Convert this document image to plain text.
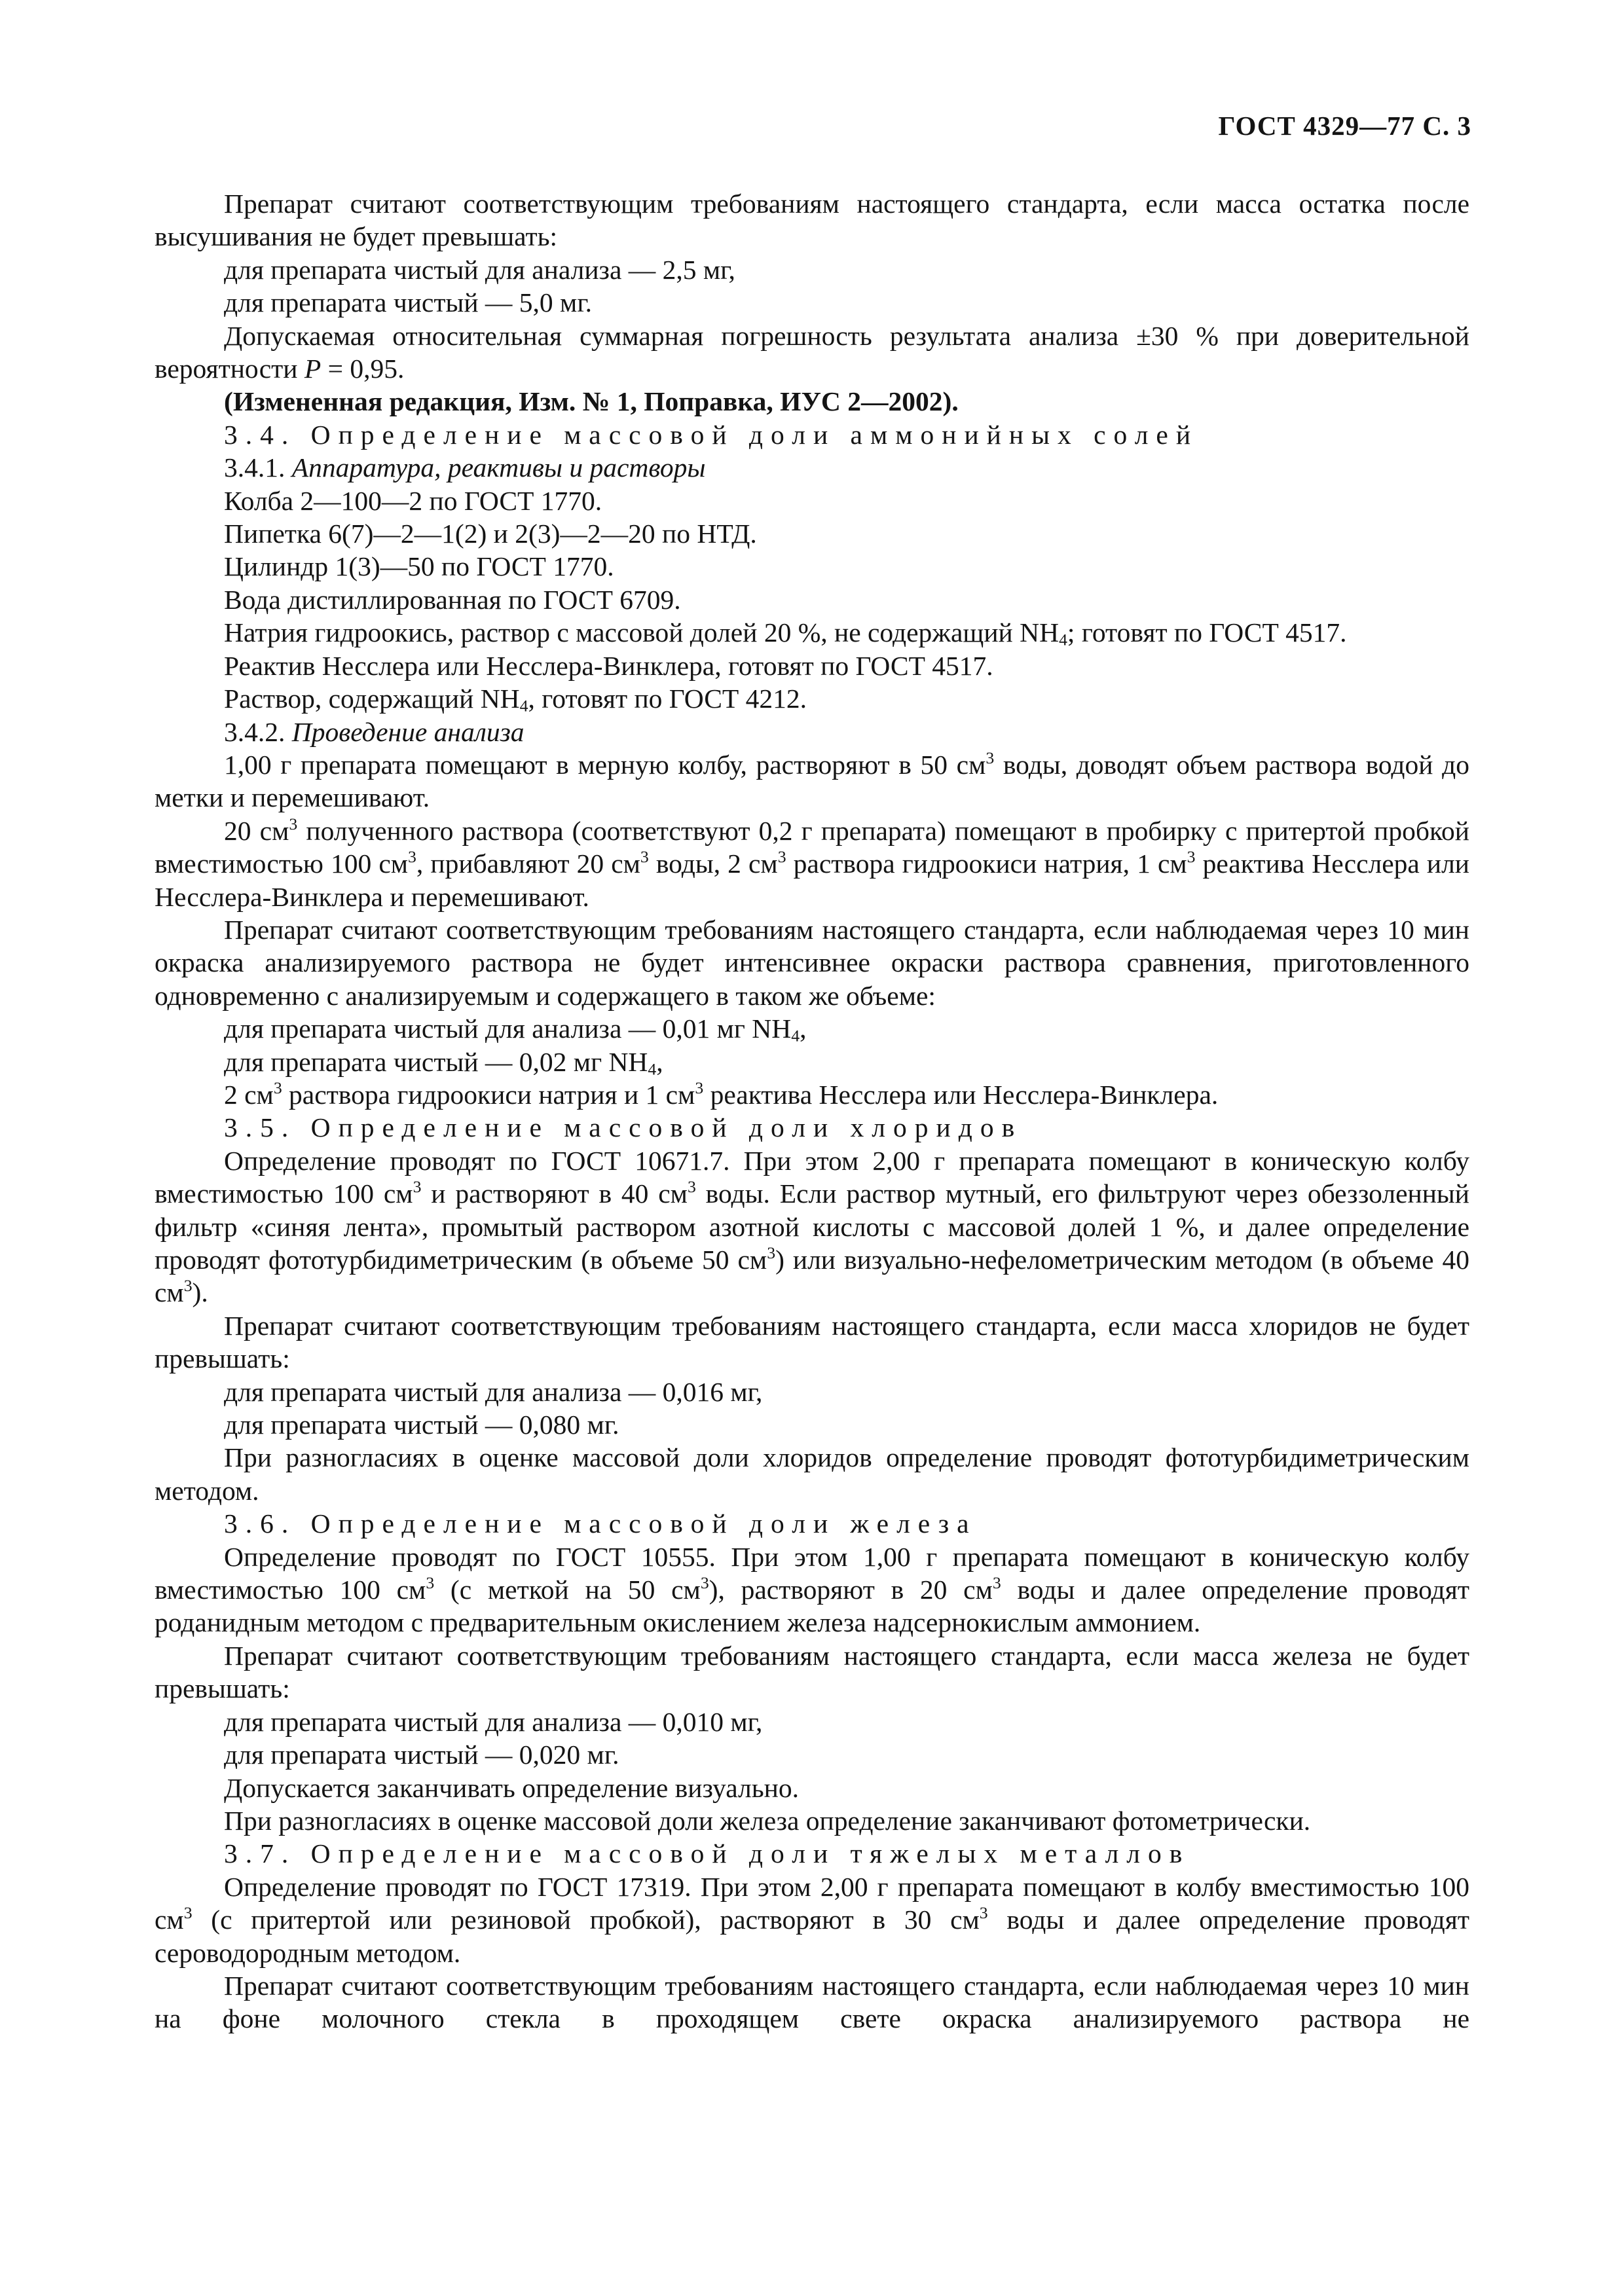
ГОСТ 4329—77 С. 3
Препарат считают соответствующим требованиям настоящего стандарта, если масса остатка после высушивания не будет превышать:
для препарата чистый для анализа — 2,5 мг,
для препарата чистый — 5,0 мг.
Допускаемая относительная суммарная погрешность результата анализа ±30 % при доверительной вероятности P = 0,95.
(Измененная редакция, Изм. № 1, Поправка, ИУС 2—2002).
3.4. Определение массовой доли аммонийных солей
3.4.1. Аппаратура, реактивы и растворы
Колба 2—100—2 по ГОСТ 1770.
Пипетка 6(7)—2—1(2) и 2(3)—2—20 по НТД.
Цилиндр 1(3)—50 по ГОСТ 1770.
Вода дистиллированная по ГОСТ 6709.
Натрия гидроокись, раствор с массовой долей 20 %, не содержащий $NH_4$; готовят по ГОСТ 4517.
Реактив Несслера или Несслера-Винклера, готовят по ГОСТ 4517.
Раствор, содержащий $NH_4$, готовят по ГОСТ 4212.
3.4.2. Проведение анализа
1,00 г препарата помещают в мерную колбу, растворяют в 50 $см^3$ воды, доводят объем раствора водой до метки и перемешивают.
20 $см^3$ полученного раствора (соответствуют 0,2 г препарата) помещают в пробирку с притертой пробкой вместимостью 100 $см^3$, прибавляют 20 $см^3$ воды, 2 $см^3$ раствора гидроокиси натрия, 1 $см^3$ реактива Несслера или Несслера-Винклера и перемешивают.
Препарат считают соответствующим требованиям настоящего стандарта, если наблюдаемая через 10 мин окраска анализируемого раствора не будет интенсивнее окраски раствора сравнения, приготовленного одновременно с анализируемым и содержащего в таком же объеме:
для препарата чистый для анализа — 0,01 мг $NH_4$,
для препарата чистый — 0,02 мг $NH_4$,
2 $см^3$ раствора гидроокиси натрия и 1 $см^3$ реактива Несслера или Несслера-Винклера.
3.5. Определение массовой доли хлоридов
Определение проводят по ГОСТ 10671.7. При этом 2,00 г препарата помещают в коническую колбу вместимостью 100 $см^3$ и растворяют в 40 $см^3$ воды. Если раствор мутный, его фильтруют через обеззоленный фильтр «синяя лента», промытый раствором азотной кислоты с массовой долей 1 %, и далее определение проводят фототурбидиметрическим (в объеме 50 $см^3$) или визуально-нефелометрическим методом (в объеме 40 $см^3$).
Препарат считают соответствующим требованиям настоящего стандарта, если масса хлоридов не будет превышать:
для препарата чистый для анализа — 0,016 мг,
для препарата чистый — 0,080 мг.
При разногласиях в оценке массовой доли хлоридов определение проводят фототурбидиметрическим методом.
3.6. Определение массовой доли железа
Определение проводят по ГОСТ 10555. При этом 1,00 г препарата помещают в коническую колбу вместимостью 100 $см^3$ (с меткой на 50 $см^3$), растворяют в 20 $см^3$ воды и далее определение проводят роданидным методом с предварительным окислением железа надсернокислым аммонием.
Препарат считают соответствующим требованиям настоящего стандарта, если масса железа не будет превышать:
для препарата чистый для анализа — 0,010 мг,
для препарата чистый — 0,020 мг.
Допускается заканчивать определение визуально.
При разногласиях в оценке массовой доли железа определение заканчивают фотометрически.
3.7. Определение массовой доли тяжелых металлов
Определение проводят по ГОСТ 17319. При этом 2,00 г препарата помещают в колбу вместимостью 100 $см^3$ (с притертой или резиновой пробкой), растворяют в 30 $см^3$ воды и далее определение проводят сероводородным методом.
Препарат считают соответствующим требованиям настоящего стандарта, если наблюдаемая через 10 мин на фоне молочного стекла в проходящем свете окраска анализируемого раствора не
